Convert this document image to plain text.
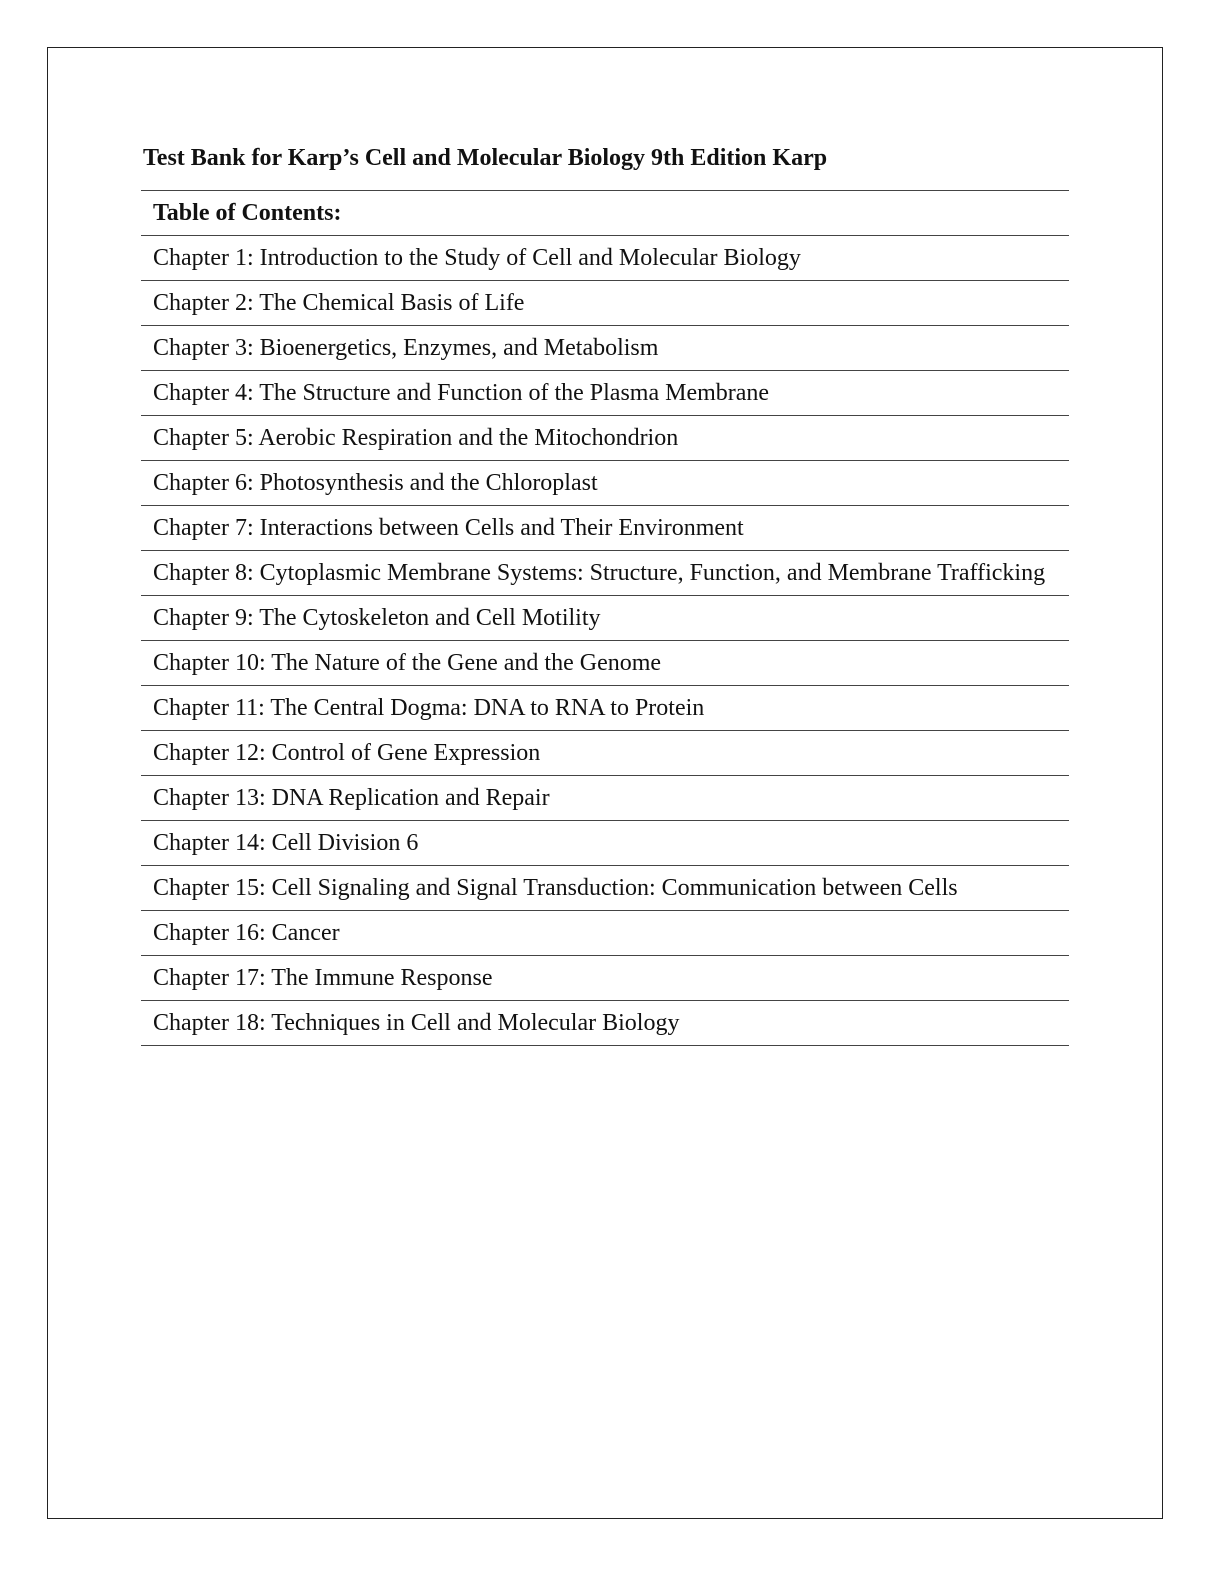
Test Bank for Karp’s Cell and Molecular Biology 9th Edition Karp
Table of Contents:
Chapter 1: Introduction to the Study of Cell and Molecular Biology
Chapter 2: The Chemical Basis of Life
Chapter 3: Bioenergetics, Enzymes, and Metabolism
Chapter 4: The Structure and Function of the Plasma Membrane
Chapter 5: Aerobic Respiration and the Mitochondrion
Chapter 6: Photosynthesis and the Chloroplast
Chapter 7: Interactions between Cells and Their Environment
Chapter 8: Cytoplasmic Membrane Systems: Structure, Function, and Membrane Trafficking
Chapter 9: The Cytoskeleton and Cell Motility
Chapter 10: The Nature of the Gene and the Genome
Chapter 11: The Central Dogma: DNA to RNA to Protein
Chapter 12: Control of Gene Expression
Chapter 13: DNA Replication and Repair
Chapter 14: Cell Division 6
Chapter 15: Cell Signaling and Signal Transduction: Communication between Cells
Chapter 16: Cancer
Chapter 17: The Immune Response
Chapter 18: Techniques in Cell and Molecular Biology
